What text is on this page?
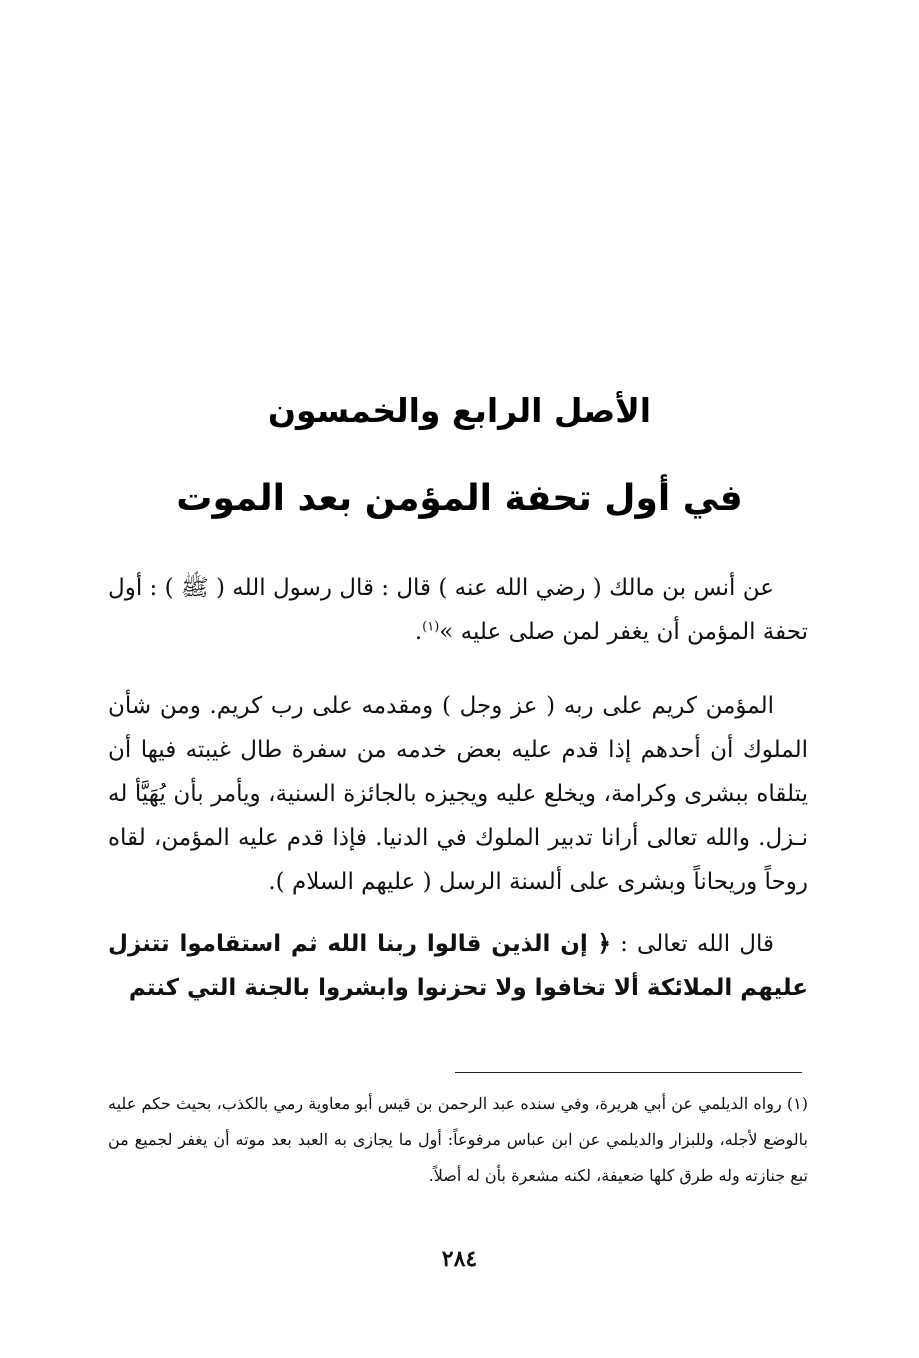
الأصل الرابع والخمسون
في أول تحفة المؤمن بعد الموت

عن أنس بن مالك ( رضي الله عنه ) قال : قال رسول الله ( ﷺ ) : أول تحفة المؤمن أن يغفر لمن صلى عليه »$^{(١)}$.

المؤمن كريم على ربه ( عز وجل ) ومقدمه على رب كريم. ومن شأن الملوك أن أحدهم إذا قدم عليه بعض خدمه من سفرة طال غيبته فيها أن يتلقاه ببشرى وكرامة، ويخلع عليه ويجيزه بالجائزة السنية، ويأمر بأن يُهَيَّأ له نـزل. والله تعالى أرانا تدبير الملوك في الدنيا. فإذا قدم عليه المؤمن، لقاه روحاً وريحاناً وبشرى على ألسنة الرسل ( عليهم السلام ).

قال الله تعالى : ﴿ إن الذين قالوا ربنا الله ثم استقاموا تتنزل عليهم الملائكة ألا تخافوا ولا تحزنوا وابشروا بالجنة التي كنتم

(١) رواه الديلمي عن أبي هريرة، وفي سنده عبد الرحمن بن قيس أبو معاوية رمي بالكذب، بحيث حكم عليه بالوضع لأجله، وللبزار والديلمي عن ابن عباس مرفوعاً: أول ما يجازى به العبد بعد موته أن يغفر لجميع من تبع جنازته وله طرق كلها ضعيفة، لكنه مشعرة بأن له أصلاً.

٢٨٤
